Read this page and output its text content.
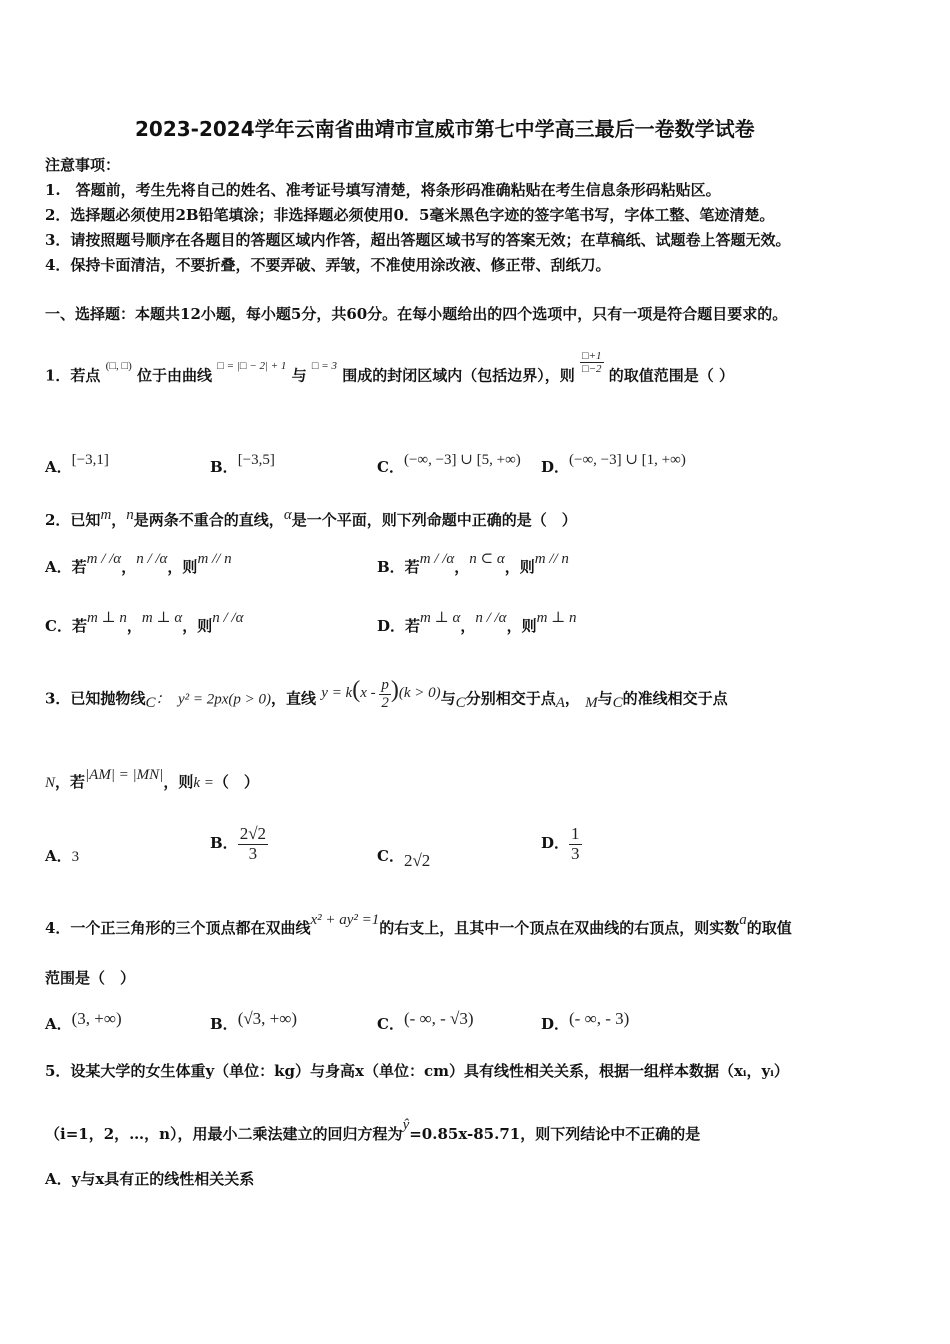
2023-2024学年云南省曲靖市宣威市第七中学高三最后一卷数学试卷
注意事项：
1.　答题前，考生先将自己的姓名、准考证号填写清楚，将条形码准确粘贴在考生信息条形码粘贴区。
2．选择题必须使用2B铅笔填涂；非选择题必须使用0．5毫米黑色字迹的签字笔书写，字体工整、笔迹清楚。
3．请按照题号顺序在各题目的答题区域内作答，超出答题区域书写的答案无效；在草稿纸、试题卷上答题无效。
4．保持卡面清洁，不要折叠，不要弄破、弄皱，不准使用涂改液、修正带、刮纸刀。
一、选择题：本题共12小题，每小题5分，共60分。在每小题给出的四个选项中，只有一项是符合题目要求的。
1．若点 (□, □) 位于由曲线 $^{□ = |□ - 2| + 1}$ 与 $^{□ = 3}$ 围成的封闭区域内（包括边界），则
$\frac{□+1}{□-2}$
的取值范围是（ ）
A．[−3,1]	B．[−3,5]	C．(−∞, −3] ∪ [5, +∞) D．(−∞, −3] ∪ [1, +∞)
2．已知m，n是两条不重合的直线，α是一个平面，则下列命题中正确的是（　）
A．若m / /α，n / /α，则m // n	B．若m / /α，n ⊂ α，则m // n
C．若m ⊥ n，m ⊥ α，则n / /α	D．若m ⊥ α，n / /α，则m ⊥ n
3．已知抛物线C：　y² = 2px(p > 0)，直线 $y = k(x - \frac{p}{2} )(k > 0)$与C分别相交于点A， M与C的准线相交于点
N，若|AM| = |MN|，则k =（　）
A．3
B． $\frac{2√2}{3}$	C．2√2
D． $\frac{1}{3}$
4．一个正三角形的三个顶点都在双曲线x² + ay² =1的右支上，且其中一个顶点在双曲线的右顶点，则实数a的取值
范围是（　）
A．(3, +∞)	B．(√3, +∞)	C．(- ∞, - √3)	D．(- ∞, - 3)
5．设某大学的女生体重y（单位：kg）与身高x（单位：cm）具有线性相关关系，根据一组样本数据（xᵢ，yᵢ）
（i=1，2，…，n），用最小二乘法建立的回归方程为ŷ=0.85x-85.71，则下列结论中不正确的是
A．y与x具有正的线性相关关系
